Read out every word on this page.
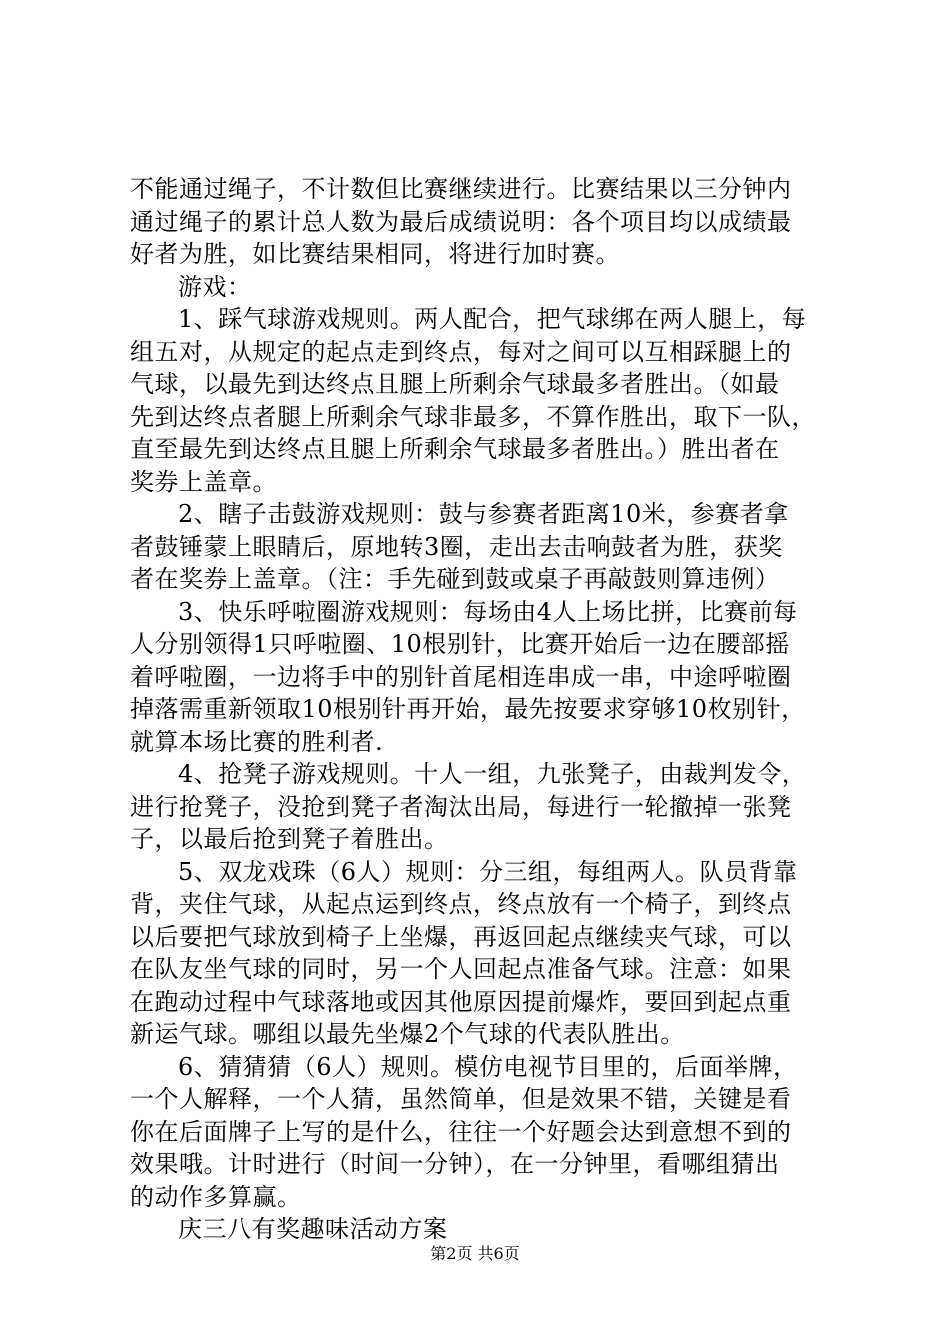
不能通过绳子，不计数但比赛继续进行。比赛结果以三分钟内
通过绳子的累计总人数为最后成绩说明：各个项目均以成绩最
好者为胜，如比赛结果相同，将进行加时赛。
游戏：
1、踩气球游戏规则。两人配合，把气球绑在两人腿上，每
组五对，从规定的起点走到终点，每对之间可以互相踩腿上的
气球，以最先到达终点且腿上所剩余气球最多者胜出。（如最
先到达终点者腿上所剩余气球非最多，不算作胜出，取下一队，
直至最先到达终点且腿上所剩余气球最多者胜出。）胜出者在
奖券上盖章。
2、瞎子击鼓游戏规则：鼓与参赛者距离10米，参赛者拿
者鼓锤蒙上眼睛后，原地转3圈，走出去击响鼓者为胜，获奖
者在奖券上盖章。（注：手先碰到鼓或桌子再敲鼓则算违例）
3、快乐呼啦圈游戏规则：每场由4人上场比拼，比赛前每
人分别领得1只呼啦圈、10根别针，比赛开始后一边在腰部摇
着呼啦圈，一边将手中的别针首尾相连串成一串，中途呼啦圈
掉落需重新领取10根别针再开始，最先按要求穿够10枚别针，
就算本场比赛的胜利者.
4、抢凳子游戏规则。十人一组，九张凳子，由裁判发令，
进行抢凳子，没抢到凳子者淘汰出局，每进行一轮撤掉一张凳
子，以最后抢到凳子着胜出。
5、双龙戏珠（6人）规则：分三组，每组两人。队员背靠
背，夹住气球，从起点运到终点，终点放有一个椅子，到终点
以后要把气球放到椅子上坐爆，再返回起点继续夹气球，可以
在队友坐气球的同时，另一个人回起点准备气球。注意：如果
在跑动过程中气球落地或因其他原因提前爆炸，要回到起点重
新运气球。哪组以最先坐爆2个气球的代表队胜出。
6、猜猜猜（6人）规则。模仿电视节目里的，后面举牌，
一个人解释，一个人猜，虽然简单，但是效果不错，关键是看
你在后面牌子上写的是什么，往往一个好题会达到意想不到的
效果哦。计时进行（时间一分钟），在一分钟里，看哪组猜出
的动作多算赢。
庆三八有奖趣味活动方案
第2页 共6页
